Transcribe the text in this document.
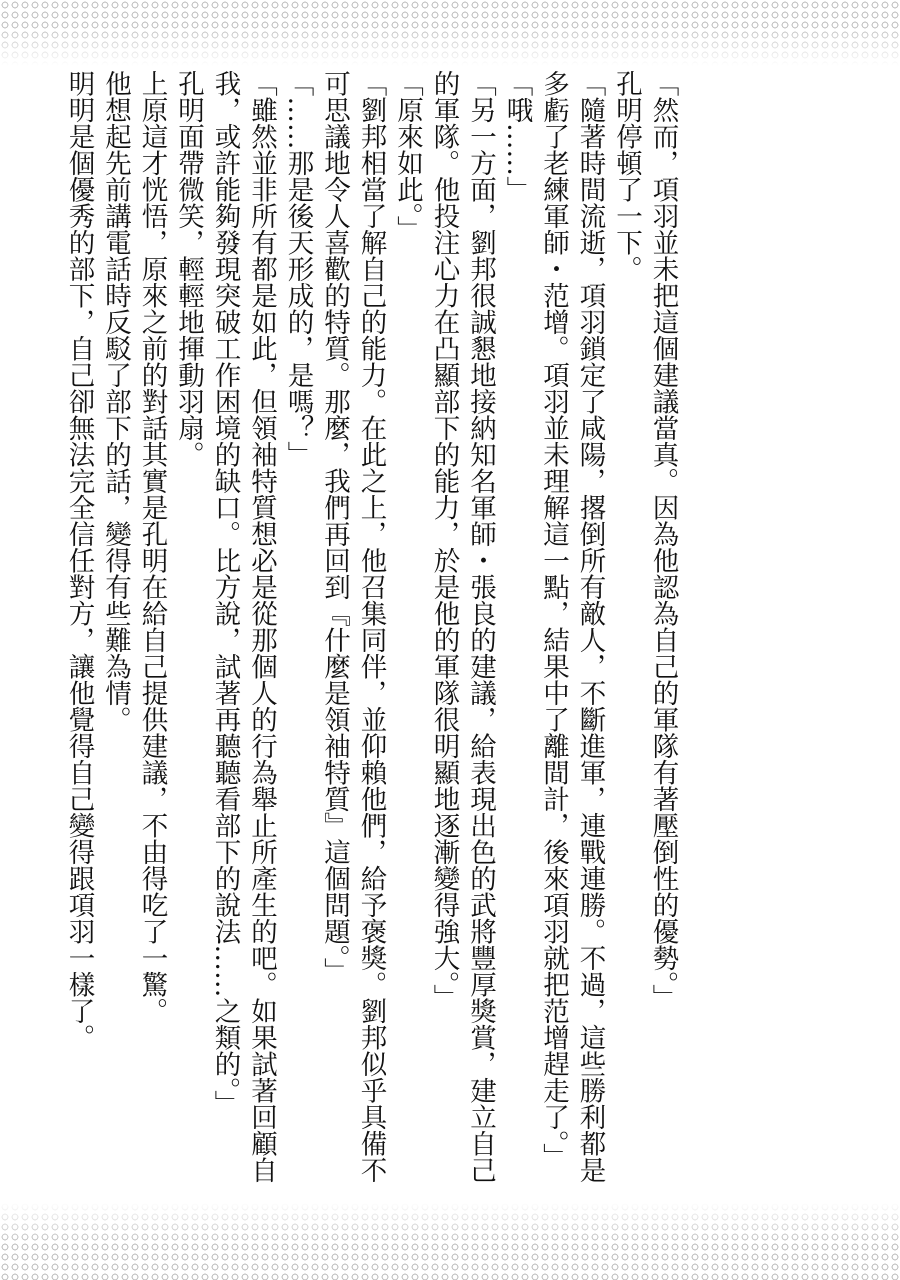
「然而，項羽並未把這個建議當真。因為他認為自己的軍隊有著壓倒性的優勢。」

孔明停頓了一下。

「隨著時間流逝，項羽鎖定了咸陽，撂倒所有敵人，不斷進軍，連戰連勝。不過，這些勝利都是多虧了老練軍師・范增。項羽並未理解這一點，結果中了離間計，後來項羽就把范增趕走了。」

「哦……」

「另一方面，劉邦很誠懇地接納知名軍師・張良的建議，給表現出色的武將豐厚獎賞，建立自己的軍隊。他投注心力在凸顯部下的能力，於是他的軍隊很明顯地逐漸變得強大。」

「原來如此。」

「劉邦相當了解自己的能力。在此之上，他召集同伴，並仰賴他們，給予褒獎。劉邦似乎具備不可思議地令人喜歡的特質。那麼，我們再回到『什麼是領袖特質』這個問題。」

「……那是後天形成的，是嗎？」

「雖然並非所有都是如此，但領袖特質想必是從那個人的行為舉止所產生的吧。如果試著回顧自我，或許能夠發現突破工作困境的缺口。比方說，試著再聽聽看部下的說法……之類的。」

孔明面帶微笑，輕輕地揮動羽扇。

上原這才恍悟，原來之前的對話其實是孔明在給自己提供建議，不由得吃了一驚。

他想起先前講電話時反駁了部下的話，變得有些難為情。

明明是個優秀的部下，自己卻無法完全信任對方，讓他覺得自己變得跟項羽一樣了。
